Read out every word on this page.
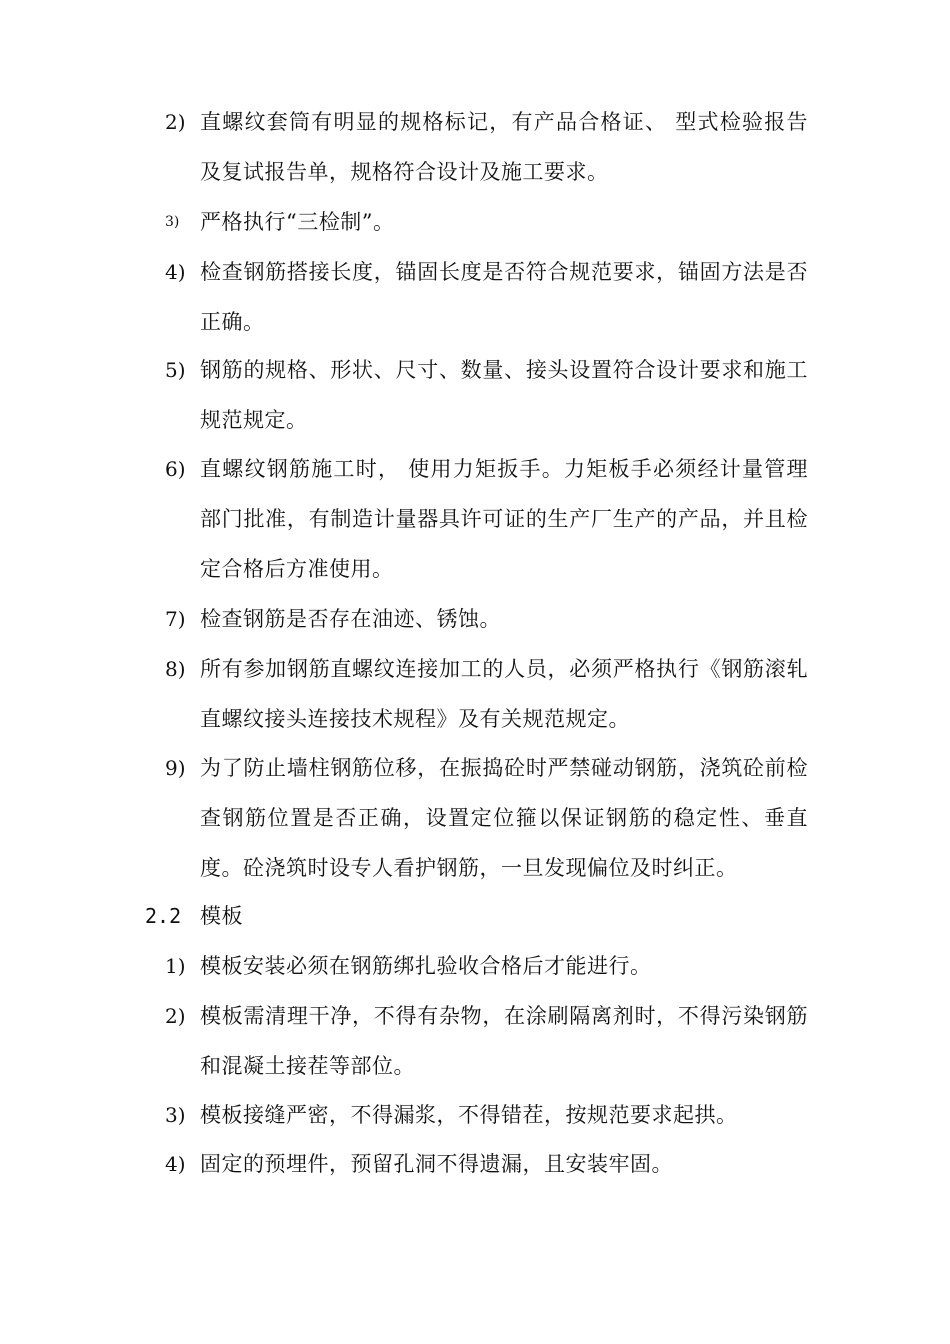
2) 直螺纹套筒有明显的规格标记，有产品合格证、 型式检验报告及复试报告单，规格符合设计及施工要求。
3) 严格执行“三检制”。
4) 检查钢筋搭接长度，锚固长度是否符合规范要求，锚固方法是否正确。
5) 钢筋的规格、形状、尺寸、数量、接头设置符合设计要求和施工规范规定。
6) 直螺纹钢筋施工时， 使用力矩扳手。力矩板手必须经计量管理部门批准，有制造计量器具许可证的生产厂生产的产品，并且检定合格后方准使用。
7) 检查钢筋是否存在油迹、锈蚀。
8) 所有参加钢筋直螺纹连接加工的人员，必须严格执行《钢筋滚轧直螺纹接头连接技术规程》及有关规范规定。
9) 为了防止墙柱钢筋位移，在振捣砼时严禁碰动钢筋，浇筑砼前检查钢筋位置是否正确，设置定位箍以保证钢筋的稳定性、垂直度。砼浇筑时设专人看护钢筋，一旦发现偏位及时纠正。
2.2 模板
1) 模板安装必须在钢筋绑扎验收合格后才能进行。
2) 模板需清理干净，不得有杂物，在涂刷隔离剂时，不得污染钢筋和混凝土接茬等部位。
3) 模板接缝严密，不得漏浆，不得错茬，按规范要求起拱。
4) 固定的预埋件，预留孔洞不得遗漏，且安装牢固。
